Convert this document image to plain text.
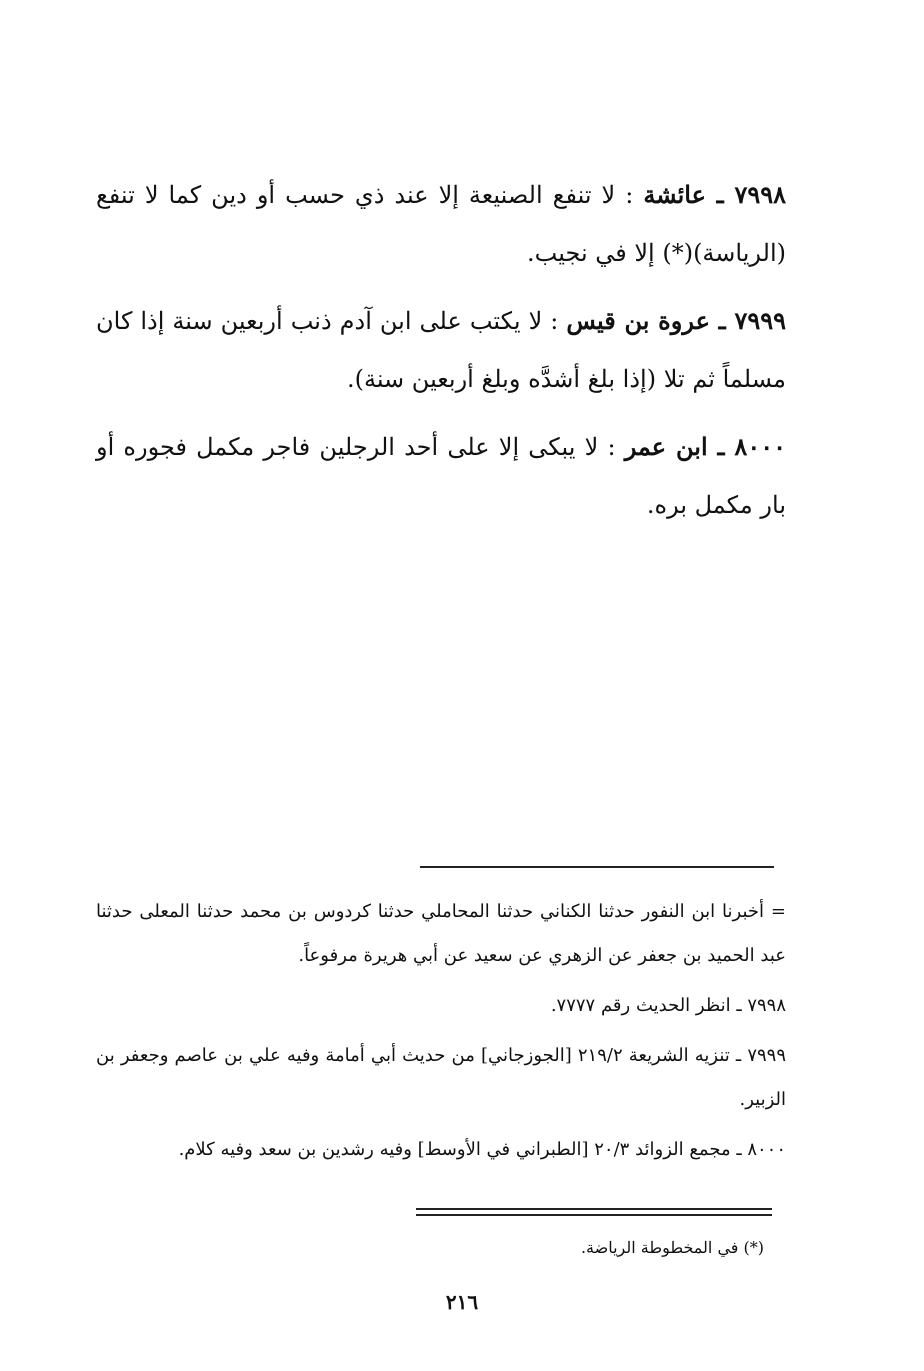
٧٩٩٨ ـ عائشة : لا تنفع الصنيعة إلا عند ذي حسب أو دين كما لا تنفع (الرياسة)(*) إلا في نجيب.

٧٩٩٩ ـ عروة بن قيس : لا يكتب على ابن آدم ذنب أربعين سنة إذا كان مسلماً ثم تلا (إذا بلغ أشدَّه وبلغ أربعين سنة).

٨٠٠٠ ـ ابن عمر : لا يبكى إلا على أحد الرجلين فاجر مكمل فجوره أو بار مكمل بره.

= أخبرنا ابن النفور حدثنا الكناني حدثنا المحاملي حدثنا كردوس بن محمد حدثنا المعلى حدثنا عبد الحميد بن جعفر عن الزهري عن سعيد عن أبي هريرة مرفوعاً.

٧٩٩٨ ـ انظر الحديث رقم ٧٧٧٧.

٧٩٩٩ ـ تنزيه الشريعة ٢١٩/٢ [الجوزجاني] من حديث أبي أمامة وفيه علي بن عاصم وجعفر بن الزبير.

٨٠٠٠ ـ مجمع الزوائد ٢٠/٣ [الطبراني في الأوسط] وفيه رشدين بن سعد وفيه كلام.

(*) في المخطوطة الرياضة.
٢١٦
